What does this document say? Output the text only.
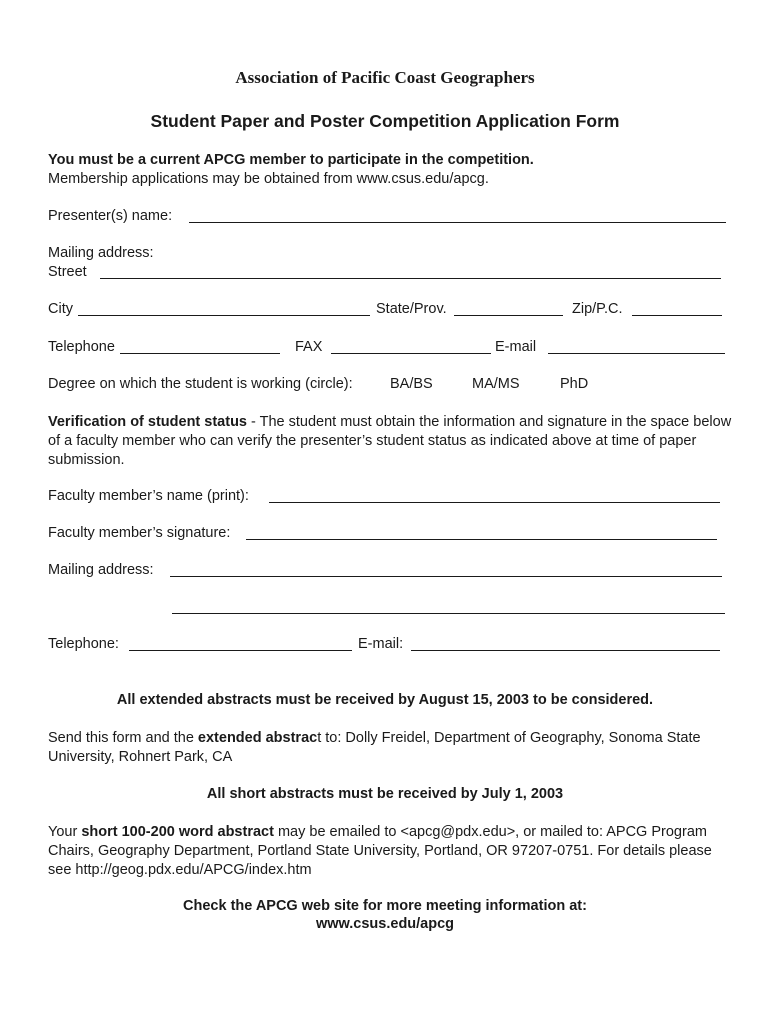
Association of Pacific Coast Geographers
Student Paper and Poster Competition Application Form
You must be a current APCG member to participate in the competition.
Membership applications may be obtained from www.csus.edu/apcg.
Presenter(s) name:
Mailing address:
Street
City	State/Prov.	Zip/P.C.
Telephone	FAX	E-mail
Degree on which the student is working (circle):	BA/BS	MA/MS	PhD
Verification of student status - The student must obtain the information and signature in the space below of a faculty member who can verify the presenter’s student status as indicated above at time of paper submission.
Faculty member’s name (print):
Faculty member’s signature:
Mailing address:
Telephone:	E-mail:
All extended abstracts must be received by August 15, 2003 to be considered.
Send this form and the extended abstract to: Dolly Freidel, Department of Geography, Sonoma State University, Rohnert Park, CA
All short abstracts must be received by July 1, 2003
Your short 100-200 word abstract may be emailed to <apcg@pdx.edu>, or mailed to: APCG Program Chairs, Geography Department, Portland State University, Portland, OR 97207-0751. For details please see http://geog.pdx.edu/APCG/index.htm
Check the APCG web site for more meeting information at:
www.csus.edu/apcg
